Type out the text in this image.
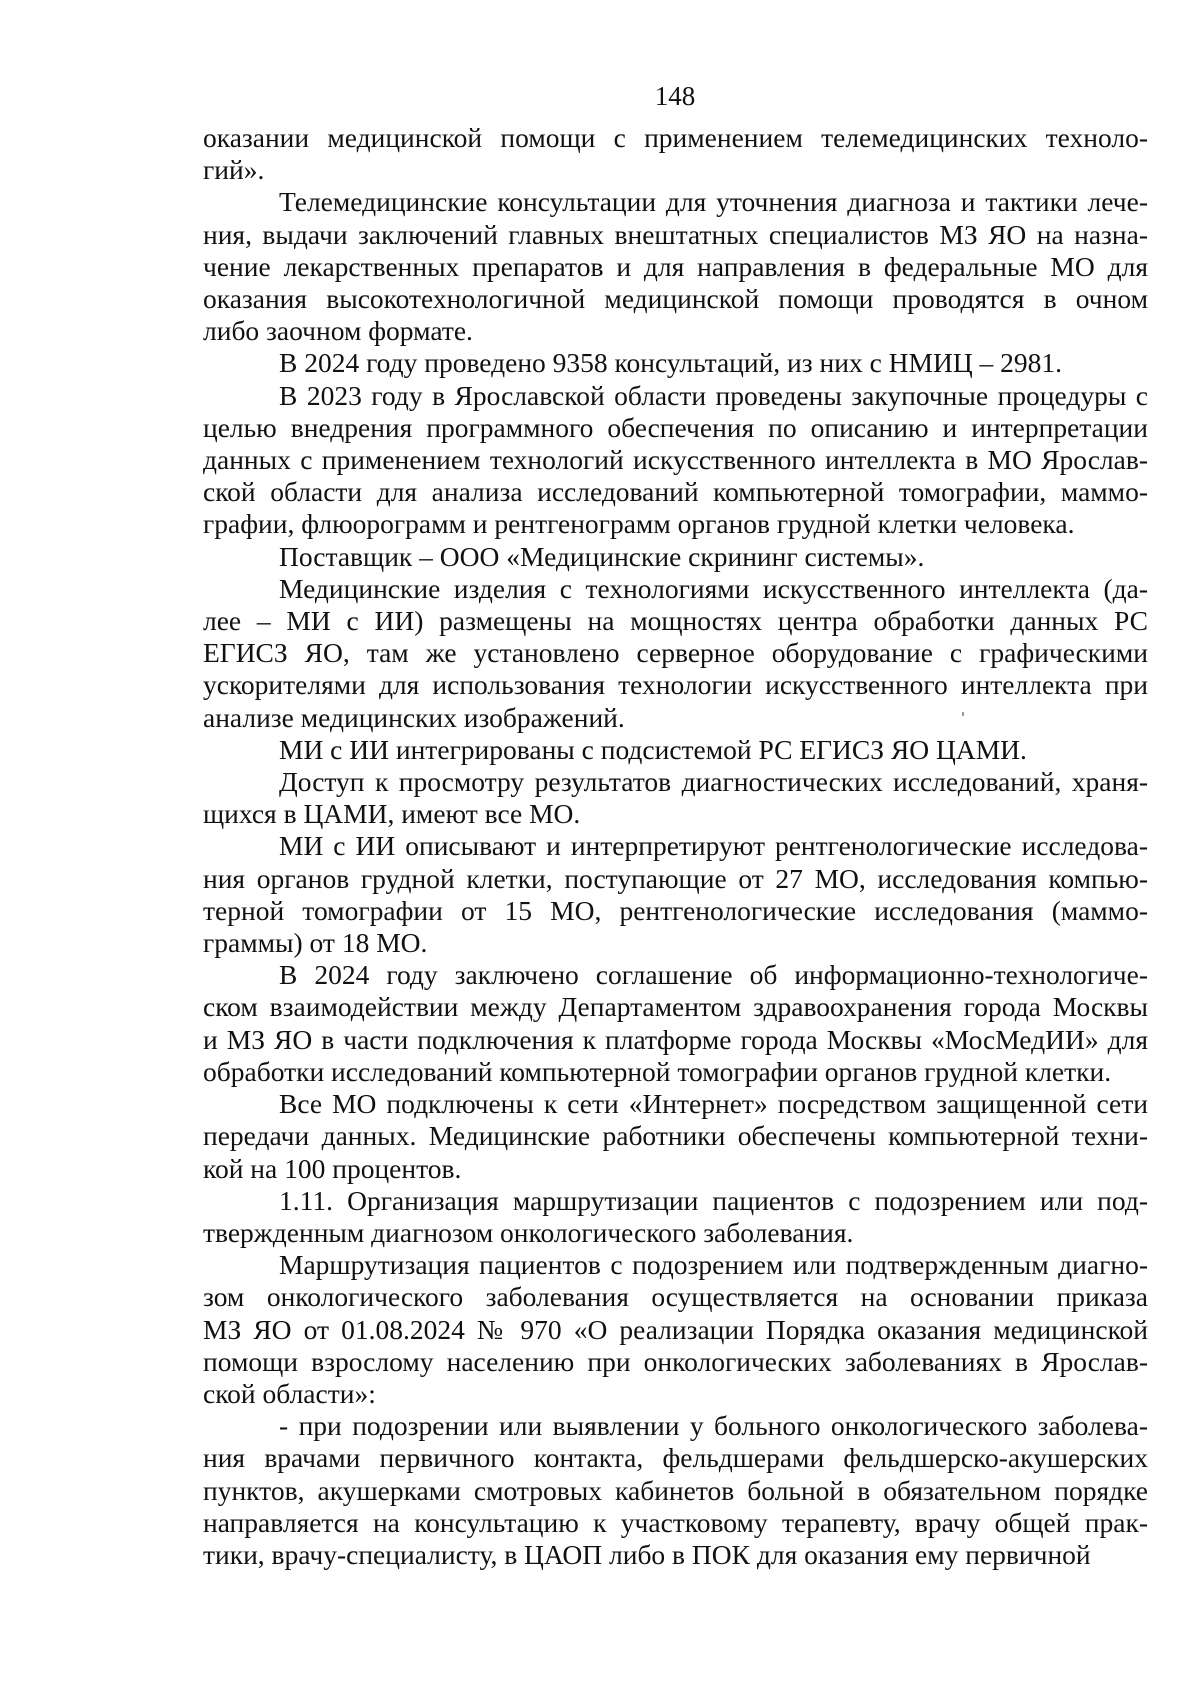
148
оказании медицинской помощи с применением телемедицинских техноло-
гий».
Телемедицинские консультации для уточнения диагноза и тактики лече-
ния, выдачи заключений главных внештатных специалистов МЗ ЯО на назна-
чение лекарственных препаратов и для направления в федеральные МО для
оказания высокотехнологичной медицинской помощи проводятся в очном
либо заочном формате.
В 2024 году проведено 9358 консультаций, из них с НМИЦ – 2981.
В 2023 году в Ярославской области проведены закупочные процедуры с
целью внедрения программного обеспечения по описанию и интерпретации
данных с применением технологий искусственного интеллекта в МО Ярослав-
ской области для анализа исследований компьютерной томографии, маммо-
графии, флюорограмм и рентгенограмм органов грудной клетки человека.
Поставщик – ООО «Медицинские скрининг системы».
Медицинские изделия с технологиями искусственного интеллекта (да-
лее – МИ с ИИ) размещены на мощностях центра обработки данных РС
ЕГИСЗ ЯО, там же установлено серверное оборудование с графическими
ускорителями для использования технологии искусственного интеллекта при
анализе медицинских изображений.
МИ с ИИ интегрированы с подсистемой РС ЕГИСЗ ЯО ЦАМИ.
Доступ к просмотру результатов диагностических исследований, храня-
щихся в ЦАМИ, имеют все МО.
МИ с ИИ описывают и интерпретируют рентгенологические исследова-
ния органов грудной клетки, поступающие от 27 МО, исследования компью-
терной томографии от 15 МО, рентгенологические исследования (маммо-
граммы) от 18 МО.
В 2024 году заключено соглашение об информационно-технологиче-
ском взаимодействии между Департаментом здравоохранения города Москвы
и МЗ ЯО в части подключения к платформе города Москвы «МосМедИИ» для
обработки исследований компьютерной томографии органов грудной клетки.
Все МО подключены к сети «Интернет» посредством защищенной сети
передачи данных. Медицинские работники обеспечены компьютерной техни-
кой на 100 процентов.
1.11. Организация маршрутизации пациентов с подозрением или под-
твержденным диагнозом онкологического заболевания.
Маршрутизация пациентов с подозрением или подтвержденным диагно-
зом онкологического заболевания осуществляется на основании приказа
МЗ ЯО от 01.08.2024 № 970 «О реализации Порядка оказания медицинской
помощи взрослому населению при онкологических заболеваниях в Ярослав-
ской области»:
- при подозрении или выявлении у больного онкологического заболева-
ния врачами первичного контакта, фельдшерами фельдшерско-акушерских
пунктов, акушерками смотровых кабинетов больной в обязательном порядке
направляется на консультацию к участковому терапевту, врачу общей прак-
тики, врачу-специалисту, в ЦАОП либо в ПОК для оказания ему первичной
